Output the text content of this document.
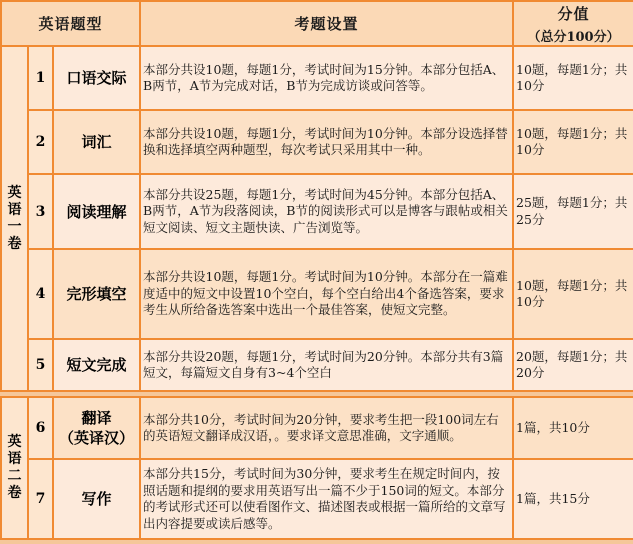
英语题型			考题设置	分值
（总分100分）

英语一卷	1	口语交际	本部分共设10题，每题1分，考试时间为15分钟。本部分包括A、B两节，A节为完成对话，B节为完成访谈或问答等。	10题，每题1分；共10分
	2	词汇	本部分共设10题，每题1分，考试时间为10分钟。本部分设选择替换和选择填空两种题型，每次考试只采用其中一种。	10题，每题1分；共10分
	3	阅读理解	本部分共设25题，每题1分，考试时间为45分钟。本部分包括A、B两节，A节为段落阅读，B节的阅读形式可以是博客与跟帖或相关短文阅读、短文主题快读、广告浏览等。	25题，每题1分；共25分
	4	完形填空	本部分共设10题，每题1分。考试时间为10分钟。本部分在一篇难度适中的短文中设置10个空白，每个空白给出4个备选答案，要求考生从所给备选答案中选出一个最佳答案，使短文完整。	10题，每题1分；共10分
	5	短文完成	本部分共设20题，每题1分，考试时间为20分钟。本部分共有3篇短文，每篇短文自身有3~4个空白	20题，每题1分；共20分

英语二卷	6	翻译
（英译汉）	本部分共10分，考试时间为20分钟，要求考生把一段100词左右的英语短文翻译成汉语，。要求译文意思准确，文字通顺。	1篇，共10分
	7	写作	本部分共15分，考试时间为30分钟，要求考生在规定时间内，按照话题和提纲的要求用英语写出一篇不少于150词的短文。本部分的考试形式还可以使看图作文、描述图表或根据一篇所给的文章写出内容提要或读后感等。	1篇，共15分
